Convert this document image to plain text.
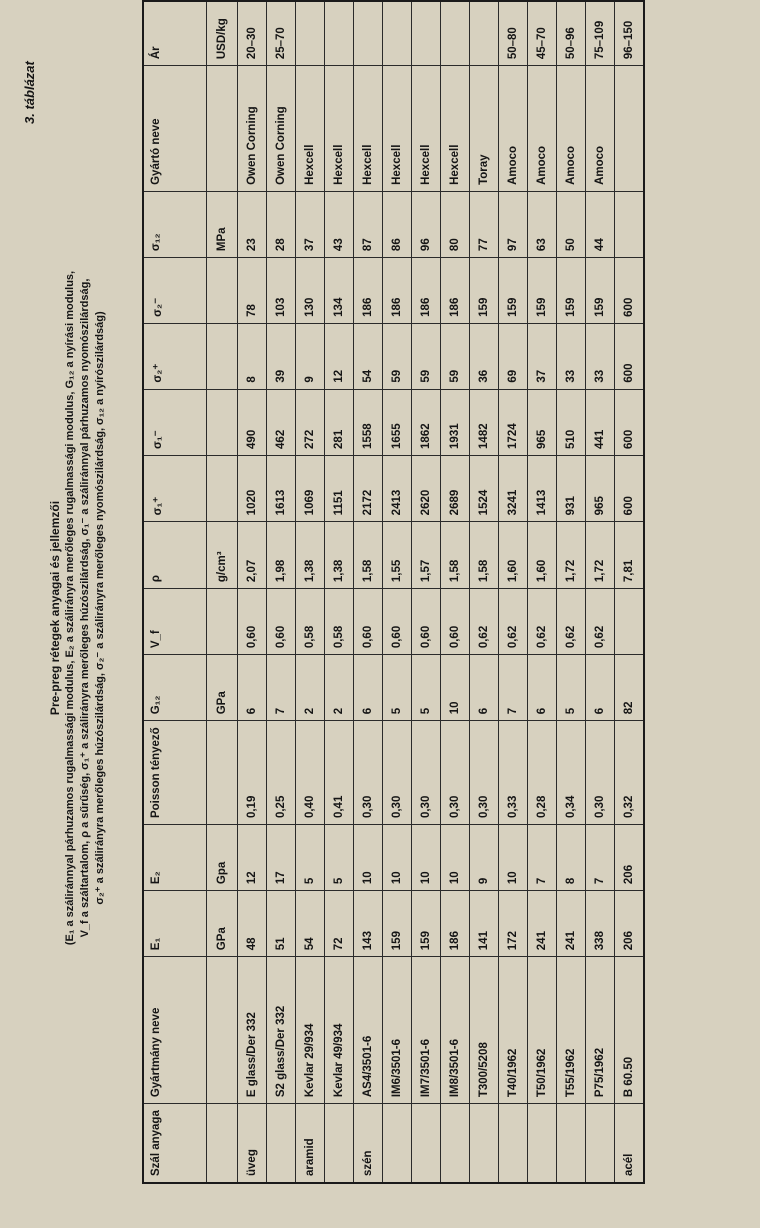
3. táblázat
Pre-preg rétegek anyagai és jellemzői (E₁ a száliránnyal párhuzamos rugalmassági modulus, E₂ a szálirányra merőleges rugalmassági modulus, G₁₂ a nyírási modulus, V_f a száltartalom, ρ a sűrűség, σ₁⁺ a szálirányra merőleges húzószilárdság, σ₁⁻ a száliránnyal párhuzamos nyomószilárdság, σ₂⁺ a szálirányra merőleges húzószilárdság, σ₂⁻ a szálirányra merőleges nyomószilárdság, σ₁₂ a nyírószilárdság)
Szál anyaga	Gyártmány neve	E₁	E₂	Poisson tényező	G₁₂	V_f	ρ	σ₁⁺	σ₁⁻	σ₂⁺	σ₂⁻	σ₁₂	Gyártó neve	Ár
		GPa	Gpa		GPa		g/cm³					MPa		USD/kg
üveg	E glass/Der 332	48	12	0,19	6	0,60	2,07	1020	490	8	78	23	Owen Corning	20–30
	S2 glass/Der 332	51	17	0,25	7	0,60	1,98	1613	462	39	103	28	Owen Corning	25–70
aramid	Kevlar 29/934	54	5	0,40	2	0,58	1,38	1069	272	9	130	37	Hexcell	
	Kevlar 49/934	72	5	0,41	2	0,58	1,38	1151	281	12	134	43	Hexcell	
szén	AS4/3501-6	143	10	0,30	6	0,60	1,58	2172	1558	54	186	87	Hexcell	
	IM6/3501-6	159	10	0,30	5	0,60	1,55	2413	1655	59	186	86	Hexcell	
	IM7/3501-6	159	10	0,30	5	0,60	1,57	2620	1862	59	186	96	Hexcell	
	IM8/3501-6	186	10	0,30	10	0,60	1,58	2689	1931	59	186	80	Hexcell	
	T300/5208	141	9	0,30	6	0,62	1,58	1524	1482	36	159	77	Toray	
	T40/1962	172	10	0,33	7	0,62	1,60	3241	1724	69	159	97	Amoco	50–80
	T50/1962	241	7	0,28	6	0,62	1,60	1413	965	37	159	63	Amoco	45–70
	T55/1962	241	8	0,34	5	0,62	1,72	931	510	33	159	50	Amoco	50–96
	P75/1962	338	7	0,30	6	0,62	1,72	965	441	33	159	44	Amoco	75–109
acél	B 60.50	206	206	0,32	82		7,81	600	600	600	600			96–150
